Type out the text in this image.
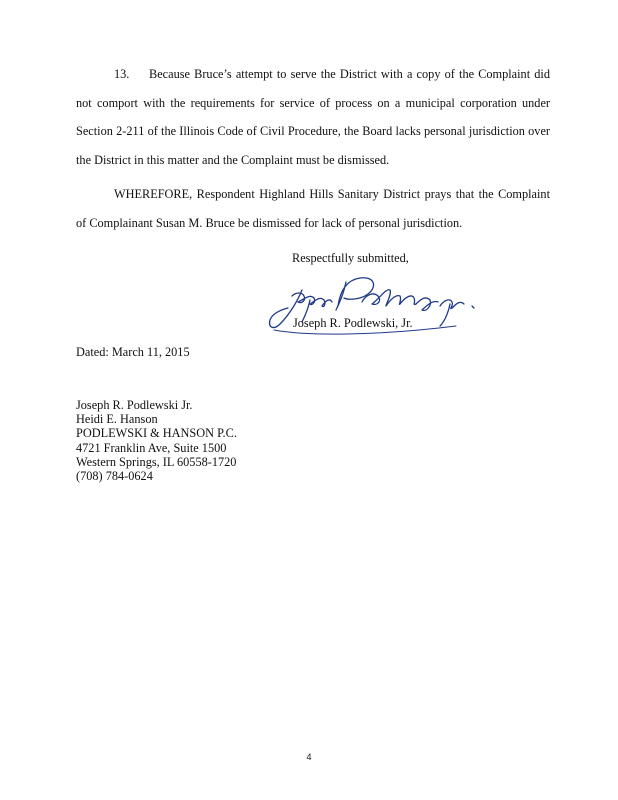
13. Because Bruce’s attempt to serve the District with a copy of the Complaint did not comport with the requirements for service of process on a municipal corporation under Section 2-211 of the Illinois Code of Civil Procedure, the Board lacks personal jurisdiction over the District in this matter and the Complaint must be dismissed.

WHEREFORE, Respondent Highland Hills Sanitary District prays that the Complaint of Complainant Susan M. Bruce be dismissed for lack of personal jurisdiction.

Respectfully submitted,

Joseph R. Podlewski, Jr.

Dated: March 11, 2015

Joseph R. Podlewski Jr.
Heidi E. Hanson
PODLEWSKI & HANSON P.C.
4721 Franklin Ave, Suite 1500
Western Springs, IL 60558-1720
(708) 784-0624

4
